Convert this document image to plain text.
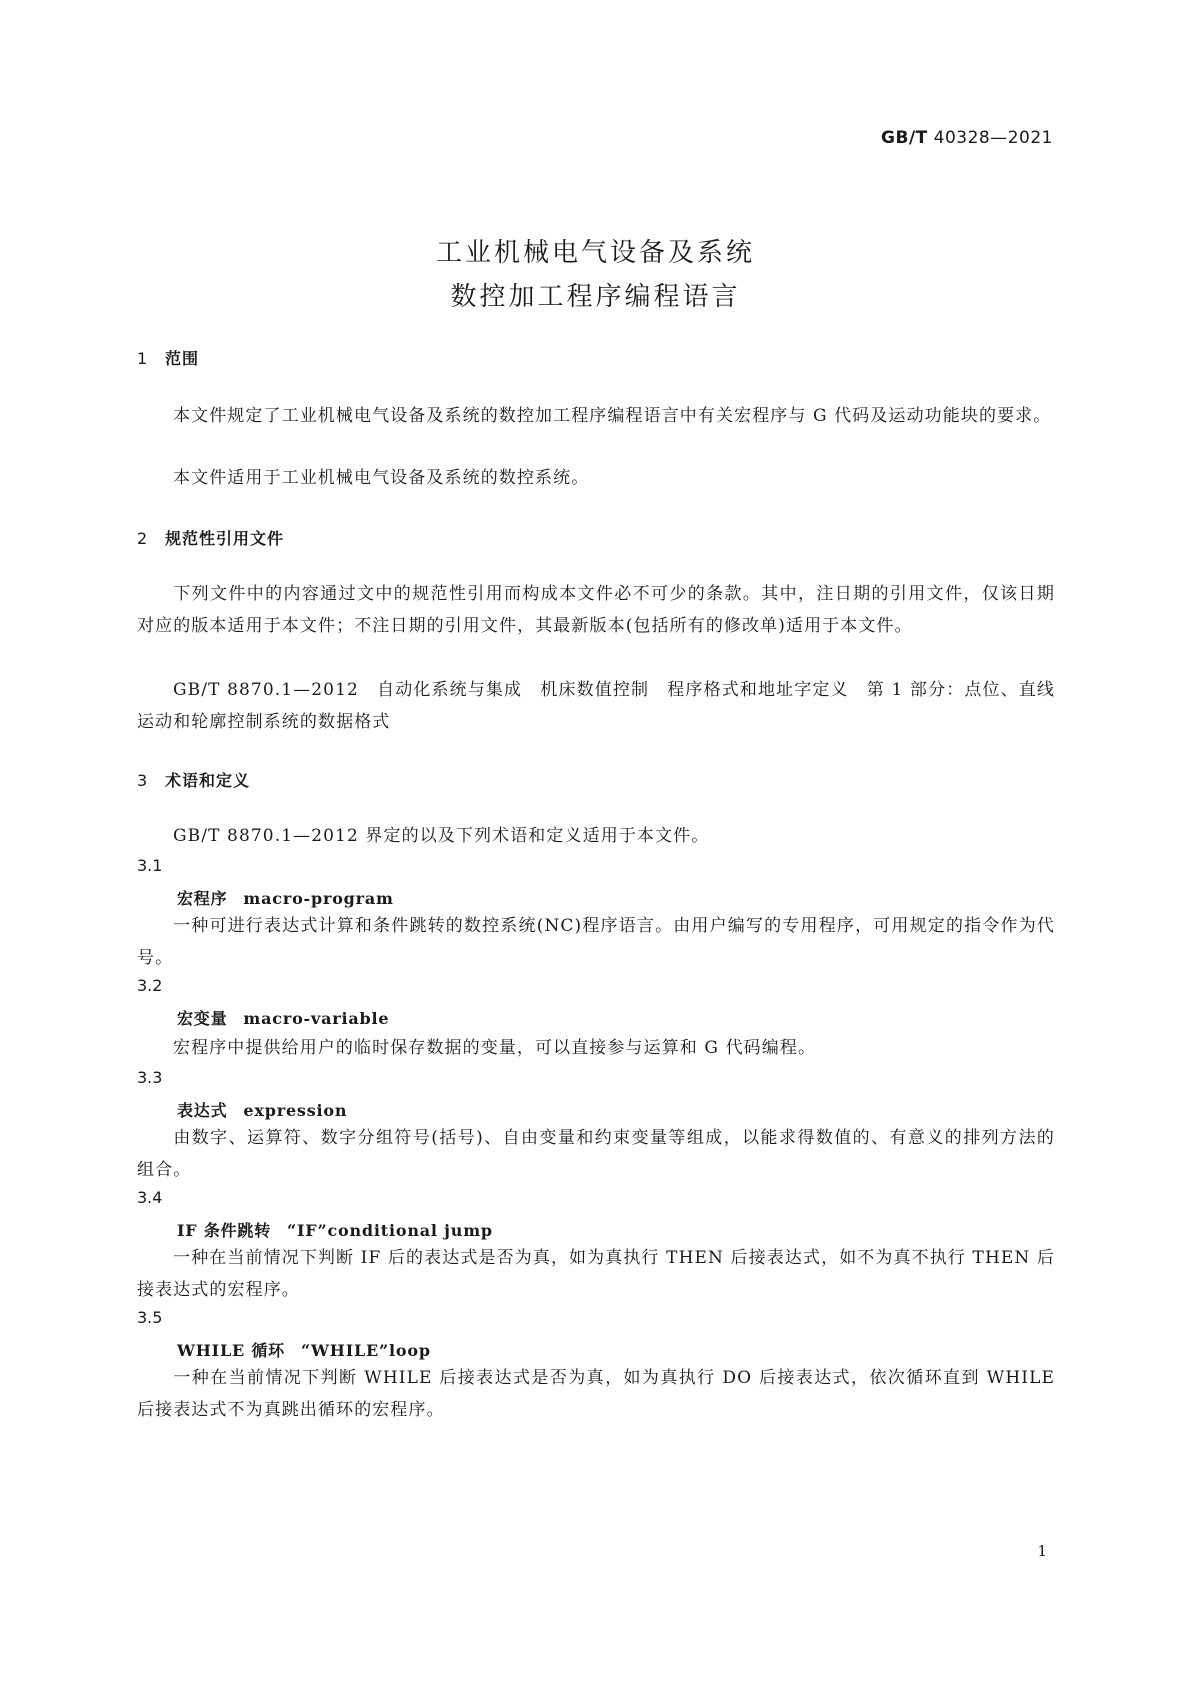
GB/T 40328—2021
工业机械电气设备及系统
数控加工程序编程语言
1 范围
本文件规定了工业机械电气设备及系统的数控加工程序编程语言中有关宏程序与 G 代码及运动功能块的要求。
本文件适用于工业机械电气设备及系统的数控系统。
2 规范性引用文件
下列文件中的内容通过文中的规范性引用而构成本文件必不可少的条款。其中，注日期的引用文件，仅该日期对应的版本适用于本文件；不注日期的引用文件，其最新版本(包括所有的修改单)适用于本文件。
GB/T 8870.1—2012　自动化系统与集成　机床数值控制　程序格式和地址字定义　第 1 部分：点位、直线运动和轮廓控制系统的数据格式
3 术语和定义
GB/T 8870.1—2012 界定的以及下列术语和定义适用于本文件。
3.1
宏程序 macro-program
一种可进行表达式计算和条件跳转的数控系统(NC)程序语言。由用户编写的专用程序，可用规定的指令作为代号。
3.2
宏变量 macro-variable
宏程序中提供给用户的临时保存数据的变量，可以直接参与运算和 G 代码编程。
3.3
表达式 expression
由数字、运算符、数字分组符号(括号)、自由变量和约束变量等组成，以能求得数值的、有意义的排列方法的组合。
3.4
IF 条件跳转 “IF”conditional jump
一种在当前情况下判断 IF 后的表达式是否为真，如为真执行 THEN 后接表达式，如不为真不执行 THEN 后接表达式的宏程序。
3.5
WHILE 循环 “WHILE”loop
一种在当前情况下判断 WHILE 后接表达式是否为真，如为真执行 DO 后接表达式，依次循环直到 WHILE 后接表达式不为真跳出循环的宏程序。
1
